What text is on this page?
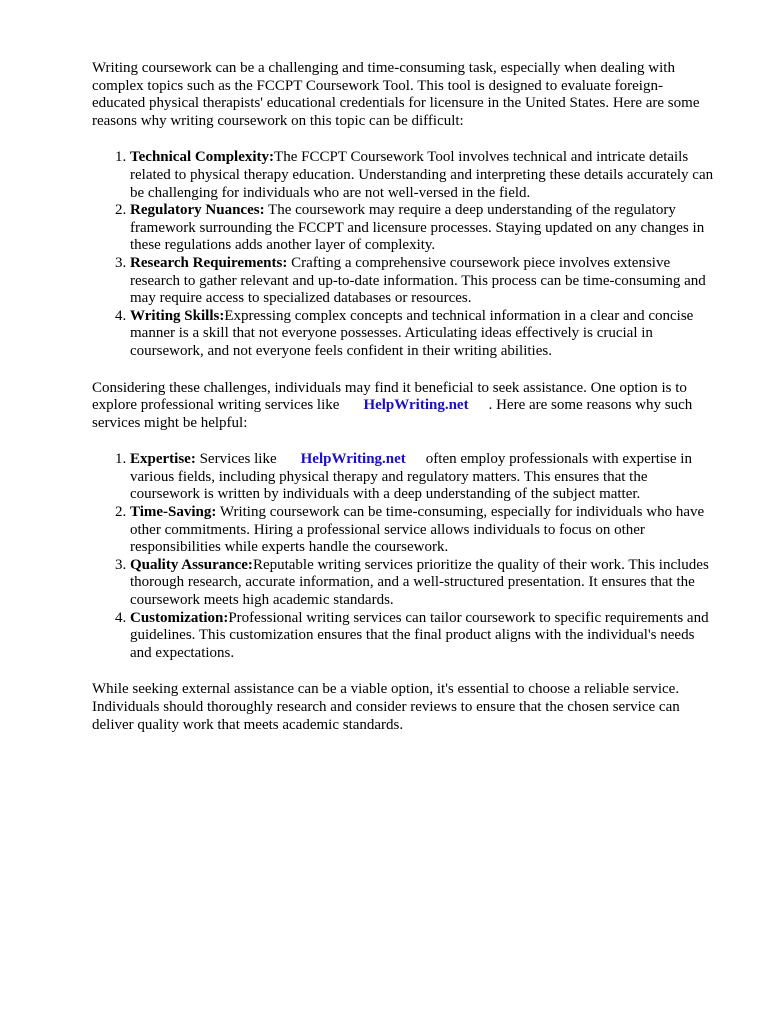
Writing coursework can be a challenging and time-consuming task, especially when dealing with complex topics such as the FCCPT Coursework Tool. This tool is designed to evaluate foreign-educated physical therapists' educational credentials for licensure in the United States. Here are some reasons why writing coursework on this topic can be difficult:

1. Technical Complexity:The FCCPT Coursework Tool involves technical and intricate details related to physical therapy education. Understanding and interpreting these details accurately can be challenging for individuals who are not well-versed in the field.
2. Regulatory Nuances: The coursework may require a deep understanding of the regulatory framework surrounding the FCCPT and licensure processes. Staying updated on any changes in these regulations adds another layer of complexity.
3. Research Requirements: Crafting a comprehensive coursework piece involves extensive research to gather relevant and up-to-date information. This process can be time-consuming and may require access to specialized databases or resources.
4. Writing Skills:Expressing complex concepts and technical information in a clear and concise manner is a skill that not everyone possesses. Articulating ideas effectively is crucial in coursework, and not everyone feels confident in their writing abilities.

Considering these challenges, individuals may find it beneficial to seek assistance. One option is to explore professional writing services like HelpWriting.net . Here are some reasons why such services might be helpful:

1. Expertise: Services like HelpWriting.net often employ professionals with expertise in various fields, including physical therapy and regulatory matters. This ensures that the coursework is written by individuals with a deep understanding of the subject matter.
2. Time-Saving: Writing coursework can be time-consuming, especially for individuals who have other commitments. Hiring a professional service allows individuals to focus on other responsibilities while experts handle the coursework.
3. Quality Assurance:Reputable writing services prioritize the quality of their work. This includes thorough research, accurate information, and a well-structured presentation. It ensures that the coursework meets high academic standards.
4. Customization:Professional writing services can tailor coursework to specific requirements and guidelines. This customization ensures that the final product aligns with the individual's needs and expectations.

While seeking external assistance can be a viable option, it's essential to choose a reliable service. Individuals should thoroughly research and consider reviews to ensure that the chosen service can deliver quality work that meets academic standards.
